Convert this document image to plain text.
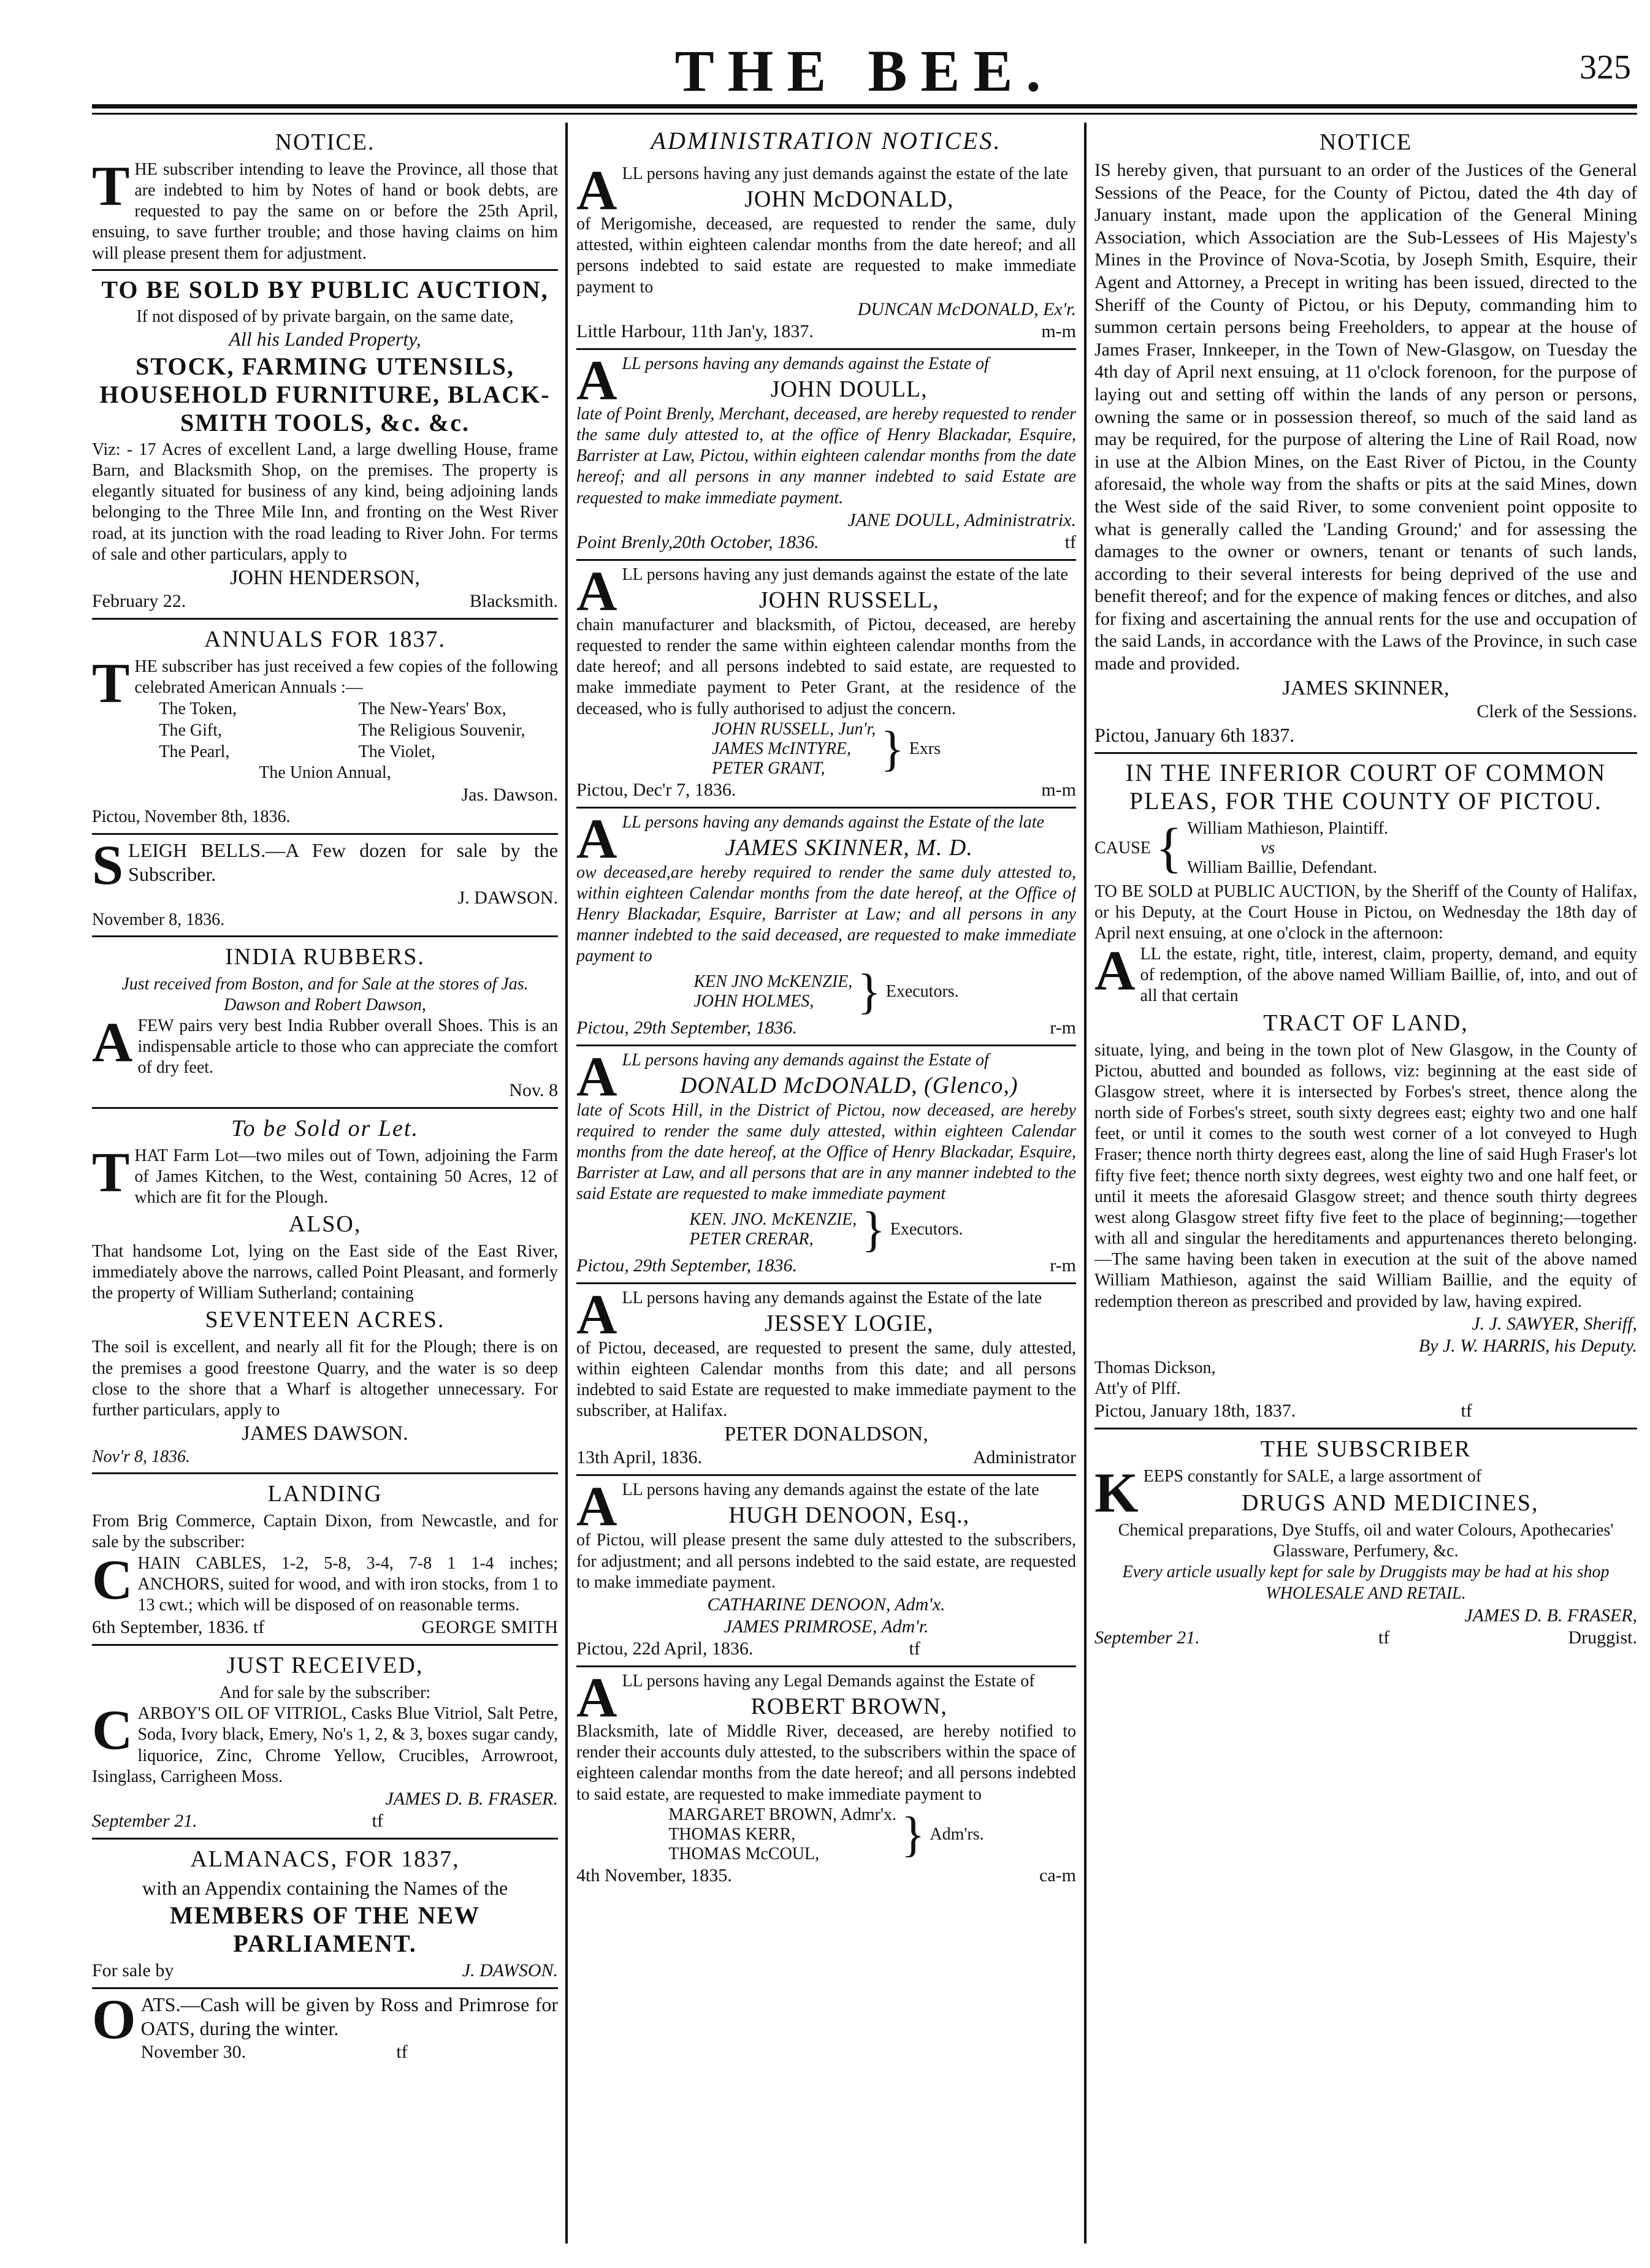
THE BEE.	325
NOTICE.

THE subscriber intending to leave the Province, all those that are indebted to him by Notes of hand or book debts, are requested to pay the same on or before the 25th April, ensuing, to save further trouble; and those having claims on him will please present them for adjustment.

TO BE SOLD BY PUBLIC AUCTION,

If not disposed of by private bargain, on the same date,

All his Landed Property,

STOCK, FARMING UTENSILS, HOUSEHOLD FURNITURE, BLACK-SMITH TOOLS, &c. &c.

Viz: - 17 Acres of excellent Land, a large dwelling House, frame Barn, and Blacksmith Shop, on the premises. The property is elegantly situated for business of any kind, being adjoining lands belonging to the Three Mile Inn, and fronting on the West River road, at its junction with the road leading to River John. For terms of sale and other particulars, apply to

JOHN HENDERSON,
February 22.	Blacksmith.
ANNUALS FOR 1837.

THE subscriber has just received a few copies of the following celebrated American Annuals :—

The Token,	The New-Years' Box,
The Gift,	The Religious Souvenir,
The Pearl,	The Violet,

The Union Annual,

Jas. Dawson.

Pictou, November 8th, 1836.

SLEIGH BELLS.—A Few dozen for sale by the Subscriber.

J. DAWSON.

November 8, 1836.

INDIA RUBBERS.

Just received from Boston, and for Sale at the stores of Jas. Dawson and Robert Dawson,

AFEW pairs very best India Rubber overall Shoes. This is an indispensable article to those who can appreciate the comfort of dry feet.

Nov. 8
To be Sold or Let.

THAT Farm Lot—two miles out of Town, adjoining the Farm of James Kitchen, to the West, containing 50 Acres, 12 of which are fit for the Plough.

ALSO,

That handsome Lot, lying on the East side of the East River, immediately above the narrows, called Point Pleasant, and formerly the property of William Sutherland; containing

SEVENTEEN ACRES.

The soil is excellent, and nearly all fit for the Plough; there is on the premises a good freestone Quarry, and the water is so deep close to the shore that a Wharf is altogether unnecessary. For further particulars, apply to

JAMES DAWSON.

Nov'r 8, 1836.

LANDING

From Brig Commerce, Captain Dixon, from Newcastle, and for sale by the subscriber:

CHAIN CABLES, 1-2, 5-8, 3-4, 7-8 1 1-4 inches; ANCHORS, suited for wood, and with iron stocks, from 1 to 13 cwt.; which will be disposed of on reasonable terms.

6th September, 1836. tf	GEORGE SMITH
JUST RECEIVED,

And for sale by the subscriber:

CARBOY'S OIL OF VITRIOL, Casks Blue Vitriol, Salt Petre, Soda, Ivory black, Emery, No's 1, 2, & 3, boxes sugar candy, liquorice, Zinc, Chrome Yellow, Crucibles, Arrowroot, Isinglass, Carrigheen Moss.

JAMES D. B. FRASER.
September 21.	tf
ALMANACS, FOR 1837,

with an Appendix containing the Names of the

MEMBERS OF THE NEW PARLIAMENT.
For sale by	J. DAWSON.

OATS.—Cash will be given by Ross and Primrose for OATS, during the winter.

November 30.	tf
ADMINISTRATION NOTICES.

ALL persons having any just demands against the estate of the late

JOHN McDONALD,

of Merigomishe, deceased, are requested to render the same, duly attested, within eighteen calendar months from the date hereof; and all persons indebted to said estate are requested to make immediate payment to

DUNCAN McDONALD, Ex'r.
Little Harbour, 11th Jan'y, 1837.	m-m

ALL persons having any demands against the Estate of

JOHN DOULL,

late of Point Brenly, Merchant, deceased, are hereby requested to render the same duly attested to, at the office of Henry Blackadar, Esquire, Barrister at Law, Pictou, within eighteen calendar months from the date hereof; and all persons in any manner indebted to said Estate are requested to make immediate payment.

JANE DOULL, Administratrix.
Point Brenly,20th October, 1836.	tf

ALL persons having any just demands against the estate of the late

JOHN RUSSELL,

chain manufacturer and blacksmith, of Pictou, deceased, are hereby requested to render the same within eighteen calendar months from the date hereof; and all persons indebted to said estate, are requested to make immediate payment to Peter Grant, at the residence of the deceased, who is fully authorised to adjust the concern.

JOHN RUSSELL, Jun'r,
JAMES McINTYRE,
PETER GRANT,	} Exrs
Pictou, Dec'r 7, 1836.	m-m

ALL persons having any demands against the Estate of the late

JAMES SKINNER, M. D.

ow deceased,are hereby required to render the same duly attested to, within eighteen Calendar months from the date hereof, at the Office of Henry Blackadar, Esquire, Barrister at Law; and all persons in any manner indebted to the said deceased, are requested to make immediate payment to

KEN JNO McKENZIE,
JOHN HOLMES, } Executors.
Pictou, 29th September, 1836.	r-m

ALL persons having any demands against the Estate of

DONALD McDONALD, (Glenco,)

late of Scots Hill, in the District of Pictou, now deceased, are hereby required to render the same duly attested, within eighteen Calendar months from the date hereof, at the Office of Henry Blackadar, Esquire, Barrister at Law, and all persons that are in any manner indebted to the said Estate are requested to make immediate payment

KEN. JNO. McKENZIE,
PETER CRERAR, } Executors.
Pictou, 29th September, 1836.	r-m

ALL persons having any demands against the Estate of the late

JESSEY LOGIE,

of Pictou, deceased, are requested to present the same, duly attested, within eighteen Calendar months from this date; and all persons indebted to said Estate are requested to make immediate payment to the subscriber, at Halifax.

PETER DONALDSON,
13th April, 1836.	Administrator

ALL persons having any demands against the estate of the late

HUGH DENOON, Esq.,

of Pictou, will please present the same duly attested to the subscribers, for adjustment; and all persons indebted to the said estate, are requested to make immediate payment.

CATHARINE DENOON, Adm'x.
JAMES PRIMROSE, Adm'r.
Pictou, 22d April, 1836.	tf

ALL persons having any Legal Demands against the Estate of

ROBERT BROWN,

Blacksmith, late of Middle River, deceased, are hereby notified to render their accounts duly attested, to the subscribers within the space of eighteen calendar months from the date hereof; and all persons indebted to said estate, are requested to make immediate payment to

MARGARET BROWN, Admr'x.
THOMAS KERR,
THOMAS McCOUL,	} Adm'rs.
4th November, 1835.	ca-m
NOTICE

IS hereby given, that pursuant to an order of the Justices of the General Sessions of the Peace, for the County of Pictou, dated the 4th day of January instant, made upon the application of the General Mining Association, which Association are the Sub-Lessees of His Majesty's Mines in the Province of Nova-Scotia, by Joseph Smith, Esquire, their Agent and Attorney, a Precept in writing has been issued, directed to the Sheriff of the County of Pictou, or his Deputy, commanding him to summon certain persons being Freeholders, to appear at the house of James Fraser, Innkeeper, in the Town of New-Glasgow, on Tuesday the 4th day of April next ensuing, at 11 o'clock forenoon, for the purpose of laying out and setting off within the lands of any person or persons, owning the same or in possession thereof, so much of the said land as may be required, for the purpose of altering the Line of Rail Road, now in use at the Albion Mines, on the East River of Pictou, in the County aforesaid, the whole way from the shafts or pits at the said Mines, down the West side of the said River, to some convenient point opposite to what is generally called the 'Landing Ground;' and for assessing the damages to the owner or owners, tenant or tenants of such lands, according to their several interests for being deprived of the use and benefit thereof; and for the expence of making fences or ditches, and also for fixing and ascertaining the annual rents for the use and occupation of the said Lands, in accordance with the Laws of the Province, in such case made and provided.

JAMES SKINNER,
Clerk of the Sessions.

Pictou, January 6th 1837.

IN THE INFERIOR COURT OF COMMON PLEAS, FOR THE COUNTY OF PICTOU.
CAUSE { William Mathieson, Plaintiff.
vs
William Baillie, Defendant.

TO BE SOLD at PUBLIC AUCTION, by the Sheriff of the County of Halifax, or his Deputy, at the Court House in Pictou, on Wednesday the 18th day of April next ensuing, at one o'clock in the afternoon:

ALL the estate, right, title, interest, claim, property, demand, and equity of redemption, of the above named William Baillie, of, into, and out of all that certain

TRACT OF LAND,

situate, lying, and being in the town plot of New Glasgow, in the County of Pictou, abutted and bounded as follows, viz: beginning at the east side of Glasgow street, where it is intersected by Forbes's street, thence along the north side of Forbes's street, south sixty degrees east; eighty two and one half feet, or until it comes to the south west corner of a lot conveyed to Hugh Fraser; thence north thirty degrees east, along the line of said Hugh Fraser's lot fifty five feet; thence north sixty degrees, west eighty two and one half feet, or until it meets the aforesaid Glasgow street; and thence south thirty degrees west along Glasgow street fifty five feet to the place of beginning;—together with all and singular the hereditaments and appurtenances thereto belonging.—The same having been taken in execution at the suit of the above named William Mathieson, against the said William Baillie, and the equity of redemption thereon as prescribed and provided by law, having expired.

J. J. SAWYER, Sheriff,
By J. W. HARRIS, his Deputy.

Thomas Dickson,

Att'y of Plff.

Pictou, January 18th, 1837.	tf
THE SUBSCRIBER

KEEPS constantly for SALE, a large assortment of

DRUGS AND MEDICINES,

Chemical preparations, Dye Stuffs, oil and water Colours, Apothecaries' Glassware, Perfumery, &c.

Every article usually kept for sale by Druggists may be had at his shop WHOLESALE AND RETAIL.

JAMES D. B. FRASER,
September 21.	tf	Druggist.
